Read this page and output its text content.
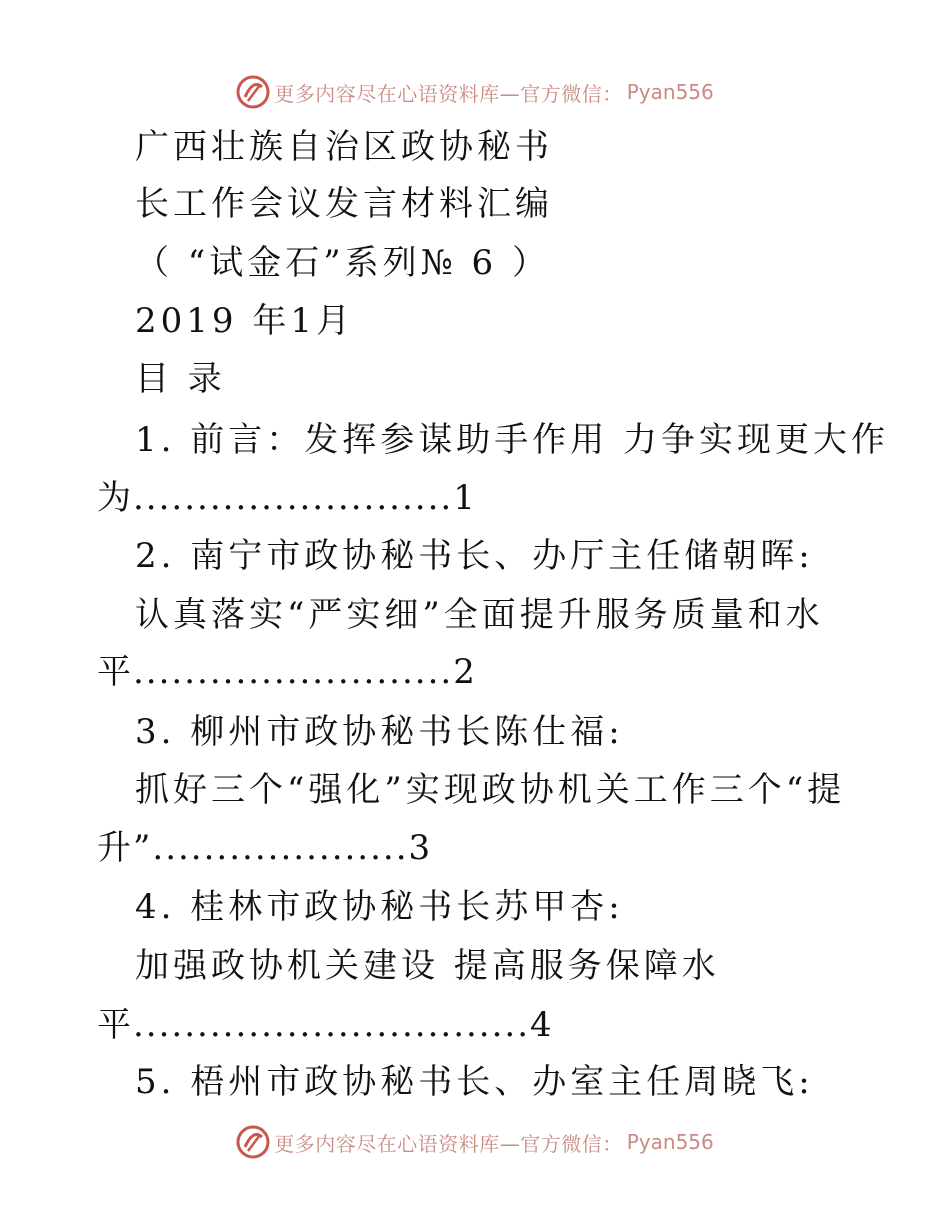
更多内容尽在心语资料库—官方微信： Pyan556
广西壮族自治区政协秘书
长工作会议发言材料汇编
（ “试金石”系列№ 6 ）
2019 年1月
目 录
1. 前言：发挥参谋助手作用 力争实现更大作
为.........................1
2. 南宁市政协秘书长、办厅主任储朝晖:
认真落实“严实细”全面提升服务质量和水
平.........................2
3. 柳州市政协秘书长陈仕福:
抓好三个“强化”实现政协机关工作三个“提
升”....................3
4. 桂林市政协秘书长苏甲杏:
加强政协机关建设 提高服务保障水
平...............................4
5. 梧州市政协秘书长、办室主任周晓飞:
更多内容尽在心语资料库—官方微信： Pyan556
